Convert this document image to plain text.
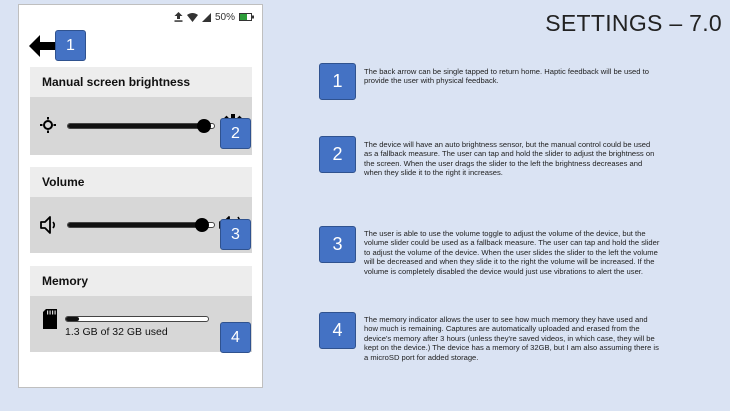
SETTINGS – 7.0
50%
Manual screen brightness
Volume
Memory
1.3 GB of 32 GB used
1
2
3
4
1	The back arrow can be single tapped to return home. Haptic feedback will be used to provide the user with physical feedback.
2	The device will have an auto brightness sensor, but the manual control could be used as a fallback measure. The user can tap and hold the slider to adjust the brightness on the screen. When the user drags the slider to the left the brightness decreases and when they slide it to the right it increases.
3
The user is able to use the volume toggle to adjust the volume of the device, but the volume slider could be used as a fallback measure. The user can tap and hold the slider to adjust the volume of the device. When the user slides the slider to the left the volume will be decreased and when they slide it to the right the volume will be increased. If the volume is completely disabled the device would just use vibrations to alert the user.
4
The memory indicator allows the user to see how much memory they have used and how much is remaining. Captures are automatically uploaded and erased from the device's memory after 3 hours (unless they're saved videos, in which case, they will be kept on the device.) The device has a memory of 32GB, but I am also assuming there is a microSD port for added storage.
